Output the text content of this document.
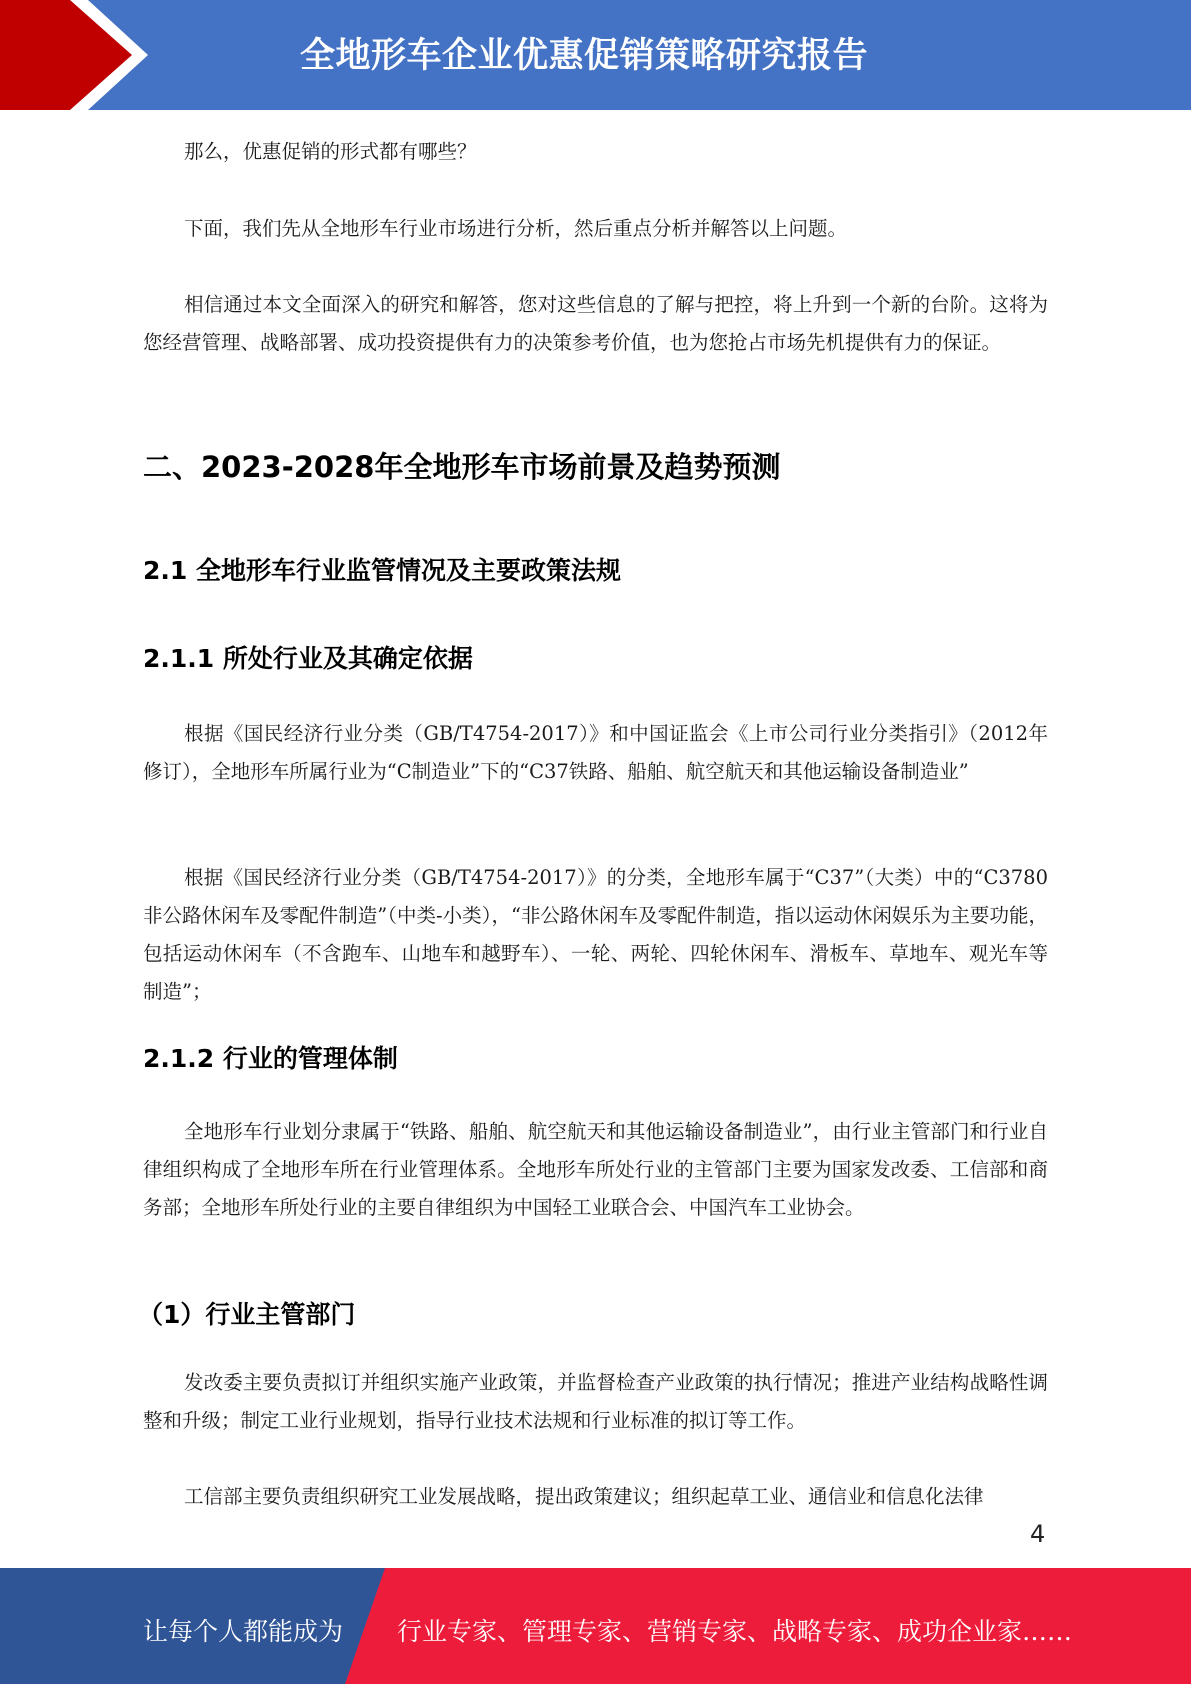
全地形车企业优惠促销策略研究报告

那么，优惠促销的形式都有哪些？

下面，我们先从全地形车行业市场进行分析，然后重点分析并解答以上问题。

相信通过本文全面深入的研究和解答，您对这些信息的了解与把控，将上升到一个新的台阶。这将为您经营管理、战略部署、成功投资提供有力的决策参考价值，也为您抢占市场先机提供有力的保证。

二、2023-2028年全地形车市场前景及趋势预测
2.1 全地形车行业监管情况及主要政策法规
2.1.1 所处行业及其确定依据

根据《国民经济行业分类（GB/T4754-2017）》和中国证监会《上市公司行业分类指引》（2012年修订），全地形车所属行业为“C制造业”下的“C37铁路、船舶、航空航天和其他运输设备制造业”

根据《国民经济行业分类（GB/T4754-2017）》的分类，全地形车属于“C37”（大类）中的“C3780非公路休闲车及零配件制造”（中类-小类），“非公路休闲车及零配件制造，指以运动休闲娱乐为主要功能，包括运动休闲车（不含跑车、山地车和越野车）、一轮、两轮、四轮休闲车、滑板车、草地车、观光车等制造”；

2.1.2 行业的管理体制

全地形车行业划分隶属于“铁路、船舶、航空航天和其他运输设备制造业”，由行业主管部门和行业自律组织构成了全地形车所在行业管理体系。全地形车所处行业的主管部门主要为国家发改委、工信部和商务部；全地形车所处行业的主要自律组织为中国轻工业联合会、中国汽车工业协会。

（1）行业主管部门

发改委主要负责拟订并组织实施产业政策，并监督检查产业政策的执行情况；推进产业结构战略性调整和升级；制定工业行业规划，指导行业技术法规和行业标准的拟订等工作。

工信部主要负责组织研究工业发展战略，提出政策建议；组织起草工业、通信业和信息化法律

4
让每个人都能成为 行业专家、管理专家、营销专家、战略专家、成功企业家……
